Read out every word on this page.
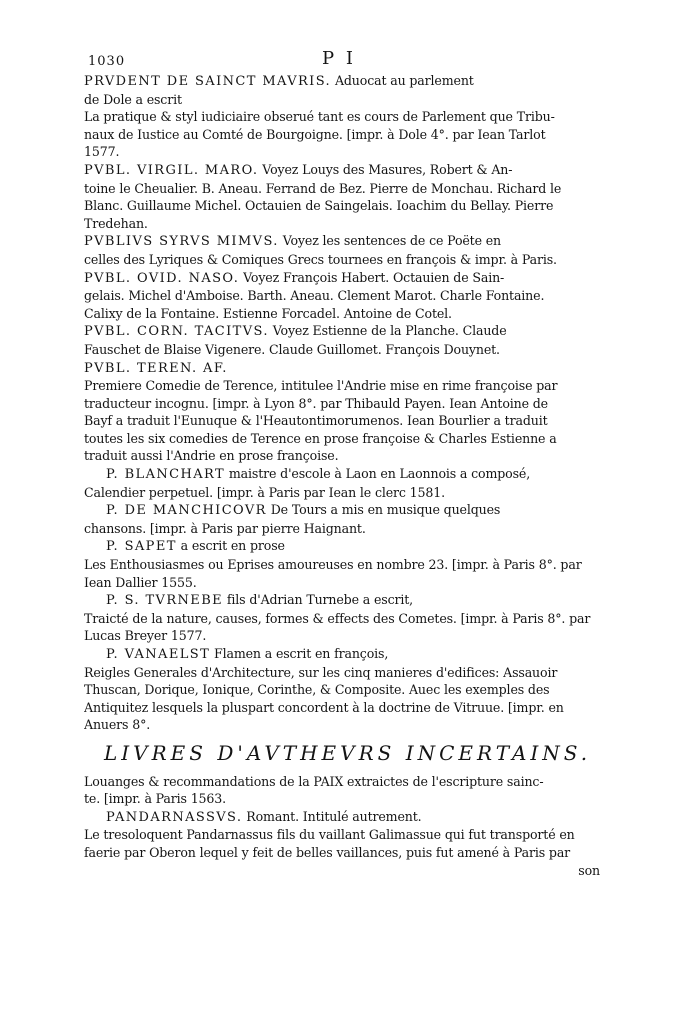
1030	P I
PRVDENT DE SAINCT MAVRIS. Aduocat au parlement
de Dole a escrit
La pratique & styl iudiciaire obserué tant es cours de Parlement que Tribu-
naux de Iustice au Comté de Bourgoigne. [impr. à Dole 4°. par Iean Tarlot
1577.
PVBL. VIRGIL. MARO. Voyez Louys des Masures, Robert & An-
toine le Cheualier. B. Aneau. Ferrand de Bez. Pierre de Monchau. Richard le
Blanc. Guillaume Michel. Octauien de Saingelais. Ioachim du Bellay. Pierre
Tredehan.
PVBLIVS SYRVS MIMVS. Voyez les sentences de ce Poëte en
celles des Lyriques & Comiques Grecs tournees en françois & impr. à Paris.
PVBL. OVID. NASO. Voyez François Habert. Octauien de Sain-
gelais. Michel d'Amboise. Barth. Aneau. Clement Marot. Charle Fontaine.
Calixy de la Fontaine. Estienne Forcadel. Antoine de Cotel.
PVBL. CORN. TACITVS. Voyez Estienne de la Planche. Claude
Fauschet de Blaise Vigenere. Claude Guillomet. François Douynet.
PVBL. TEREN. AF.
Premiere Comedie de Terence, intitulee l'Andrie mise en rime françoise par
traducteur incognu. [impr. à Lyon 8°. par Thibauld Payen. Iean Antoine de
Bayf a traduit l'Eunuque & l'Heautontimorumenos. Iean Bourlier a traduit
toutes les six comedies de Terence en prose françoise & Charles Estienne a
traduit aussi l'Andrie en prose françoise.
P. BLANCHART maistre d'escole à Laon en Laonnois a composé,
Calendier perpetuel. [impr. à Paris par Iean le clerc 1581.
P. DE MANCHICOVR De Tours a mis en musique quelques
chansons. [impr. à Paris par pierre Haignant.
P. SAPET a escrit en prose
Les Enthousiasmes ou Eprises amoureuses en nombre 23. [impr. à Paris 8°. par
Iean Dallier 1555.
P. S. TVRNEBE fils d'Adrian Turnebe a escrit,
Traicté de la nature, causes, formes & effects des Cometes. [impr. à Paris 8°. par
Lucas Breyer 1577.
P. VANAELST Flamen a escrit en françois,
Reigles Generales d'Architecture, sur les cinq manieres d'edifices: Assauoir
Thuscan, Dorique, Ionique, Corinthe, & Composite. Auec les exemples des
Antiquitez lesquels la pluspart concordent à la doctrine de Vitruue. [impr. en
Anuers 8°.
LIVRES D'AVTHEVRS INCERTAINS.
Louanges & recommandations de la PAIX extraictes de l'escripture sainc-
te. [impr. à Paris 1563.
PANDARNASSVS. Romant. Intitulé autrement.
Le tresoloquent Pandarnassus fils du vaillant Galimassue qui fut transporté en
faerie par Oberon lequel y feit de belles vaillances, puis fut amené à Paris par
son
